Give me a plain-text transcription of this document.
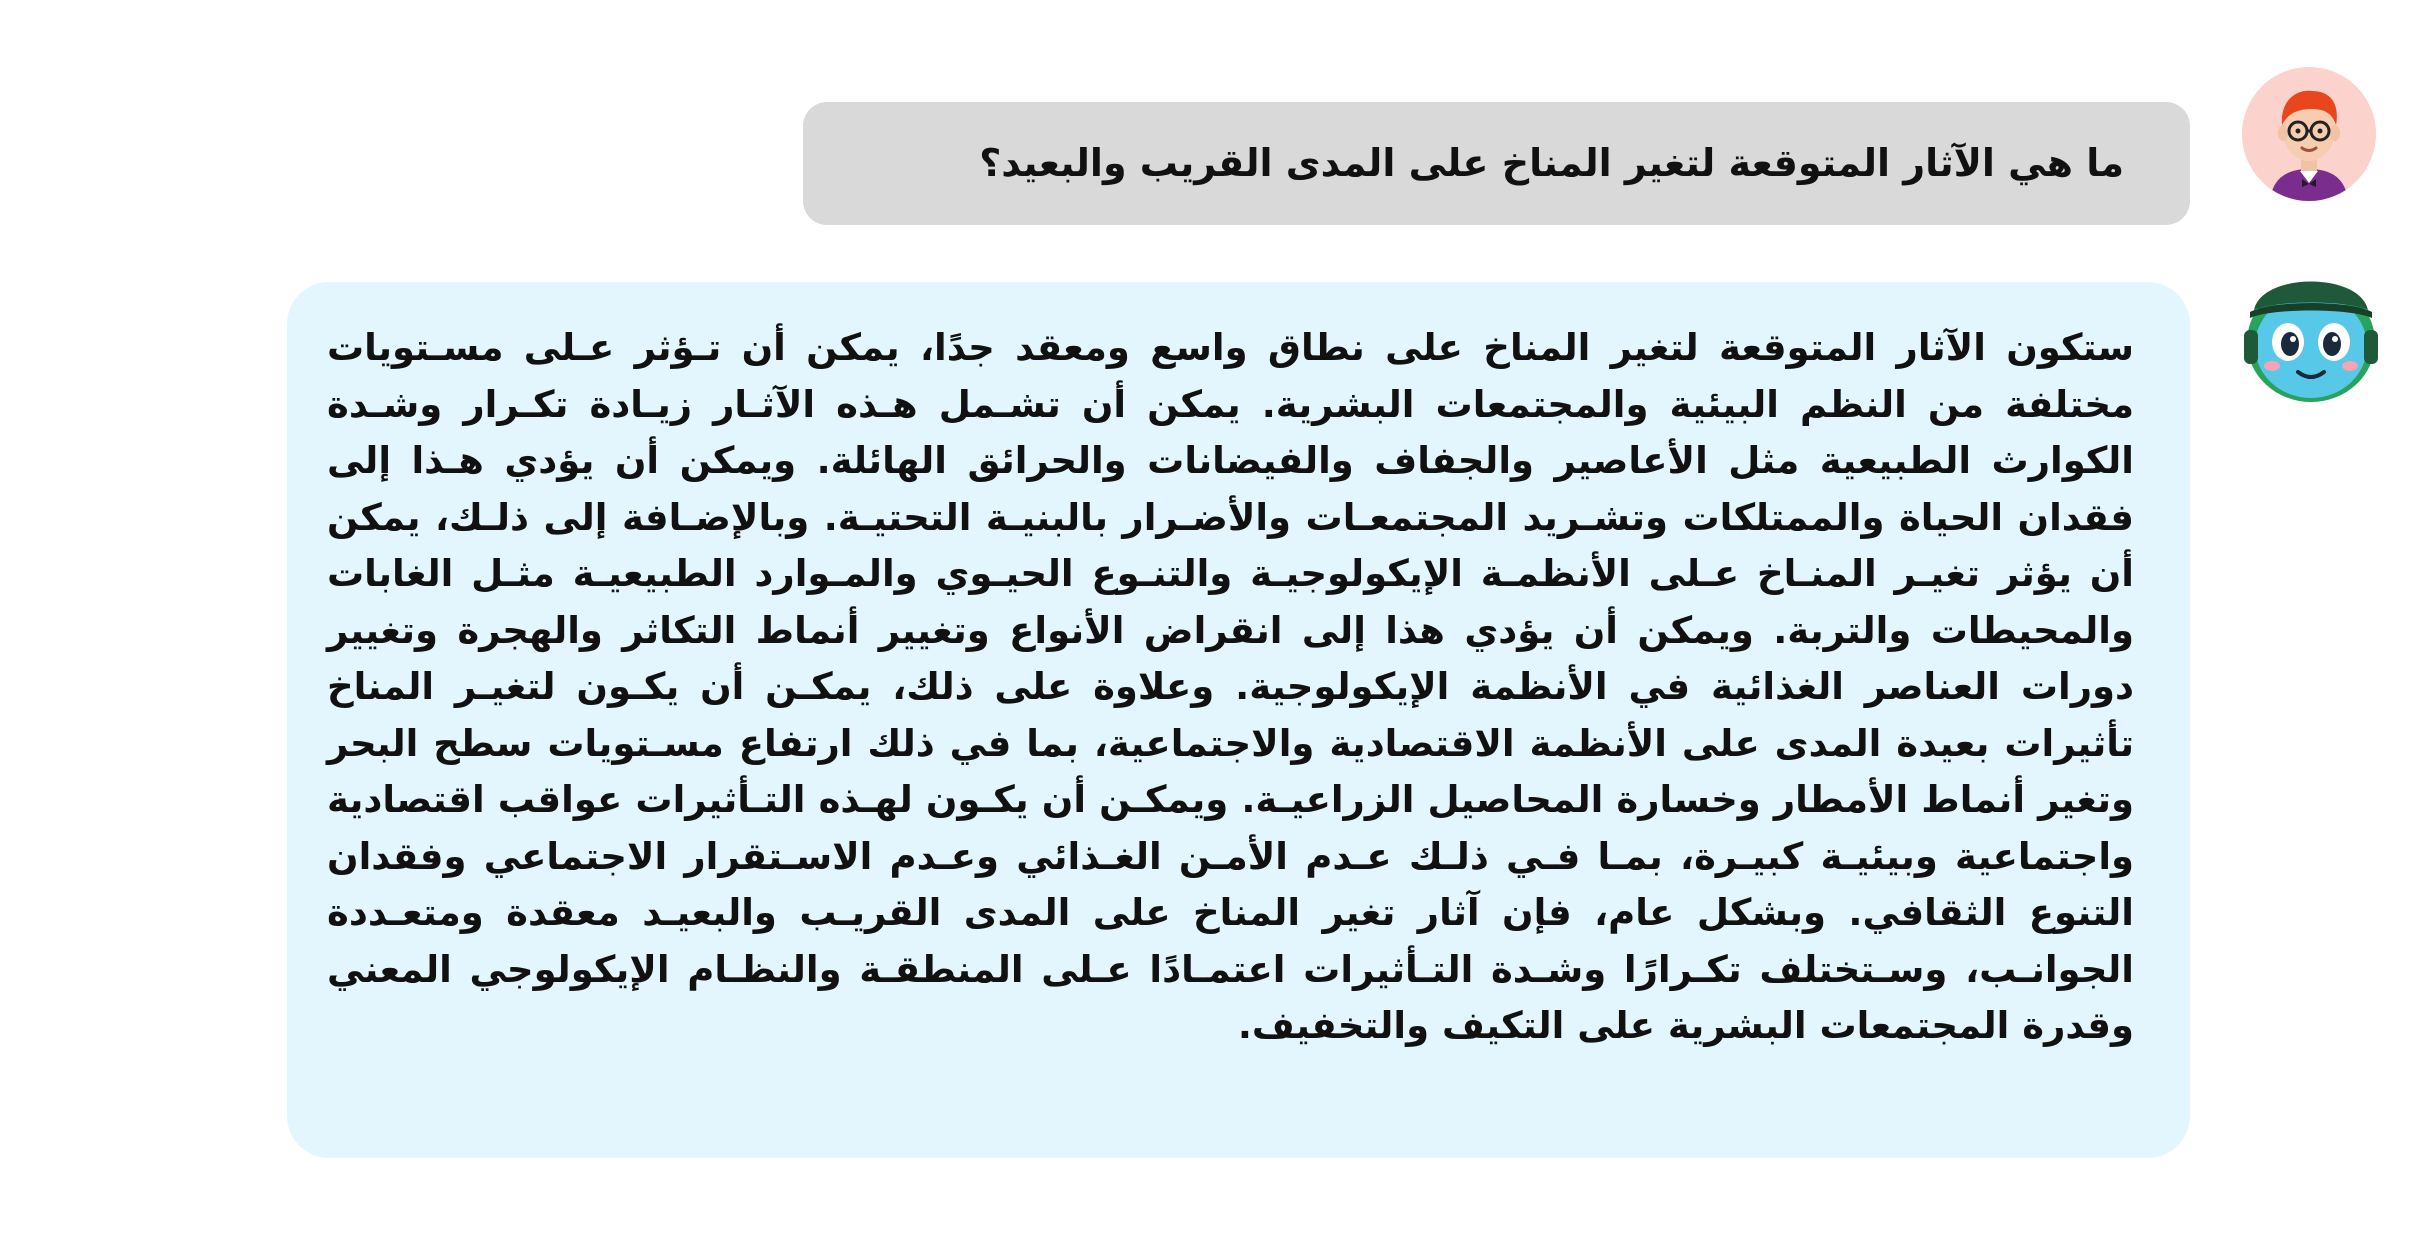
ما هي الآثار المتوقعة لتغير المناخ على المدى القريب والبعيد؟
ستكون الآثار المتوقعة لتغير المناخ على نطاق واسع ومعقد جدًا، يمكن أن تـؤثر عـلى مسـتويات مختلفة من النظم البيئية والمجتمعات البشرية. يمكن أن تشـمل هـذه الآثـار زيـادة تكـرار وشـدة الكوارث الطبيعية مثل الأعاصير والجفاف والفيضانات والحرائق الهائلة. ويمكن أن يؤدي هـذا إلى فقدان الحياة والممتلكات وتشـريد المجتمعـات والأضـرار بالبنيـة التحتيـة. وبالإضـافة إلى ذلـك، يمكن أن يؤثر تغيـر المنـاخ عـلى الأنظمـة الإيكولوجيـة والتنـوع الحيـوي والمـوارد الطبيعيـة مثـل الغابات والمحيطات والتربة. ويمكن أن يؤدي هذا إلى انقراض الأنواع وتغيير أنماط التكاثر والهجرة وتغيير دورات العناصر الغذائية في الأنظمة الإيكولوجية. وعلاوة على ذلك، يمكـن أن يكـون لتغيـر المناخ تأثيرات بعيدة المدى على الأنظمة الاقتصادية والاجتماعية، بما في ذلك ارتفاع مسـتويات سطح البحر وتغير أنماط الأمطار وخسارة المحاصيل الزراعيـة. ويمكـن أن يكـون لهـذه التـأثيرات عواقب اقتصادية واجتماعية وبيئيـة كبيـرة، بمـا فـي ذلـك عـدم الأمـن الغـذائي وعـدم الاسـتقرار الاجتماعي وفقدان التنوع الثقافي. وبشكل عام، فإن آثار تغير المناخ على المدى القريـب والبعيـد معقدة ومتعـددة الجوانـب، وسـتختلف تكـرارًا وشـدة التـأثيرات اعتمـادًا عـلى المنطقـة والنظـام الإيكولوجي المعني وقدرة المجتمعات البشرية على التكيف والتخفيف.
